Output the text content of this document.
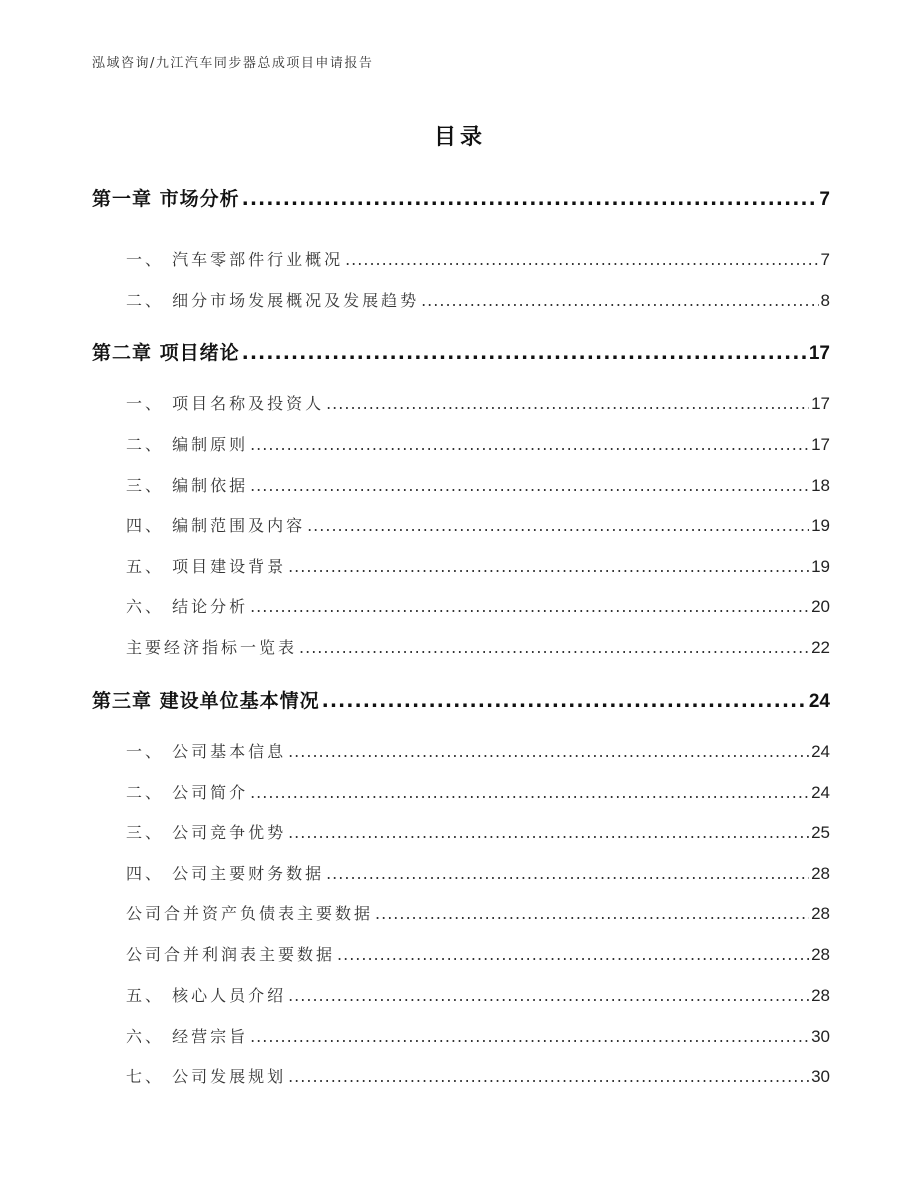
泓域咨询/九江汽车同步器总成项目申请报告
目录
第一章 市场分析 .....	7
一、 汽车零部件行业概况 .....	7
二、 细分市场发展概况及发展趋势 .....	8
第二章 项目绪论 .....	17
一、 项目名称及投资人 .....	17
二、 编制原则 .....	17
三、 编制依据 .....	18
四、 编制范围及内容 .....	19
五、 项目建设背景 .....	19
六、 结论分析 .....	20
主要经济指标一览表 .....	22
第三章 建设单位基本情况 .....	24
一、 公司基本信息 .....	24
二、 公司简介 .....	24
三、 公司竞争优势 .....	25
四、 公司主要财务数据 .....	28
公司合并资产负债表主要数据 .....	28
公司合并利润表主要数据 .....	28
五、 核心人员介绍 .....	28
六、 经营宗旨 .....	30
七、 公司发展规划 .....	30
